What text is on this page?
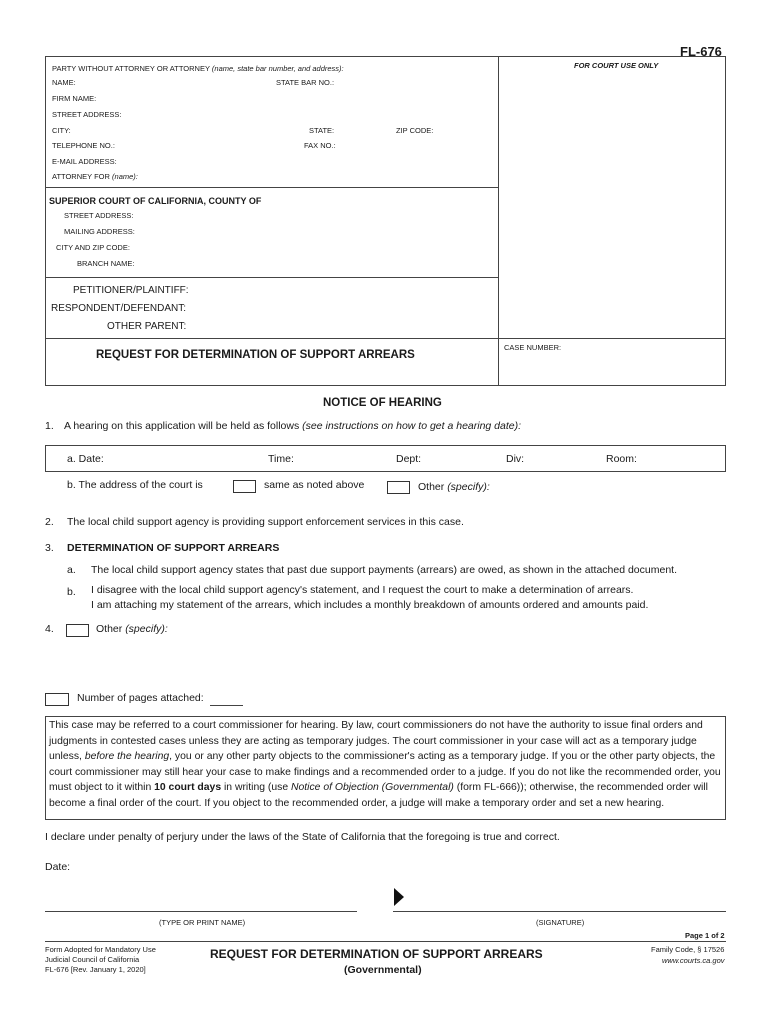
FL-676
PARTY WITHOUT ATTORNEY OR ATTORNEY (name, state bar number, and address):	FOR COURT USE ONLY
NAME:	STATE BAR NO.:
FIRM NAME:
STREET ADDRESS:
CITY:	STATE:	ZIP CODE:
TELEPHONE NO.:	FAX NO.:
E-MAIL ADDRESS:
ATTORNEY FOR (name):
SUPERIOR COURT OF CALIFORNIA, COUNTY OF
STREET ADDRESS:
MAILING ADDRESS:
CITY AND ZIP CODE:
BRANCH NAME:
PETITIONER/PLAINTIFF:
RESPONDENT/DEFENDANT:
OTHER PARENT:
REQUEST FOR DETERMINATION OF SUPPORT ARREARS
CASE NUMBER:
NOTICE OF HEARING
1. A hearing on this application will be held as follows (see instructions on how to get a hearing date):
a. Date:	Time:	Dept:	Div:	Room:
b. The address of the court is	same as noted above	Other (specify):
2. The local child support agency is providing support enforcement services in this case.
3. DETERMINATION OF SUPPORT ARREARS
a. The local child support agency states that past due support payments (arrears) are owed, as shown in the attached document.
b. I disagree with the local child support agency's statement, and I request the court to make a determination of arrears.
I am attaching my statement of the arrears, which includes a monthly breakdown of amounts ordered and amounts paid.
4.	Other (specify):
Number of pages attached:
This case may be referred to a court commissioner for hearing. By law, court commissioners do not have the authority to issue final orders and judgments in contested cases unless they are acting as temporary judges. The court commissioner in your case will act as a temporary judge unless, before the hearing, you or any other party objects to the commissioner's acting as a temporary judge. If you or the other party objects, the court commissioner may still hear your case to make findings and a recommended order to a judge. If you do not like the recommended order, you must object to it within 10 court days in writing (use Notice of Objection (Governmental) (form FL-666)); otherwise, the recommended order will become a final order of the court. If you object to the recommended order, a judge will make a temporary order and set a new hearing.
I declare under penalty of perjury under the laws of the State of California that the foregoing is true and correct.
Date:
(TYPE OR PRINT NAME)	(SIGNATURE)
Page 1 of 2
Form Adopted for Mandatory Use
Judicial Council of California
FL-676 [Rev. January 1, 2020]
REQUEST FOR DETERMINATION OF SUPPORT ARREARS
(Governmental)
Family Code, § 17526
www.courts.ca.gov
